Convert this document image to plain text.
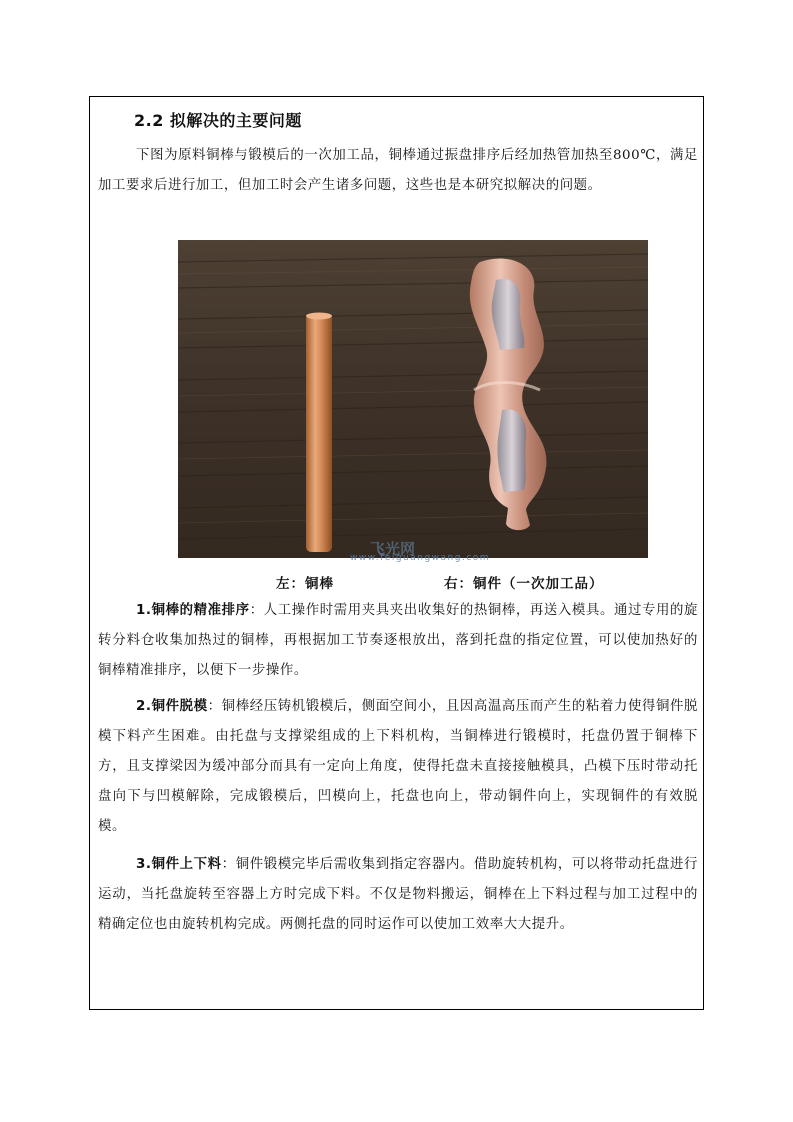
2.2 拟解决的主要问题

下图为原料铜棒与锻模后的一次加工品，铜棒通过振盘排序后经加热管加热至800℃，满足加工要求后进行加工，但加工时会产生诸多问题，这些也是本研究拟解决的问题。

飞光网
www.feiguangwang.com
左：铜棒	右：铜件（一次加工品）

1.铜棒的精准排序：人工操作时需用夹具夹出收集好的热铜棒，再送入模具。通过专用的旋转分料仓收集加热过的铜棒，再根据加工节奏逐根放出，落到托盘的指定位置，可以使加热好的铜棒精准排序，以便下一步操作。

2.铜件脱模：铜棒经压铸机锻模后，侧面空间小，且因高温高压而产生的粘着力使得铜件脱模下料产生困难。由托盘与支撑梁组成的上下料机构，当铜棒进行锻模时，托盘仍置于铜棒下方，且支撑梁因为缓冲部分而具有一定向上角度，使得托盘未直接接触模具，凸模下压时带动托盘向下与凹模解除，完成锻模后，凹模向上，托盘也向上，带动铜件向上，实现铜件的有效脱模。

3.铜件上下料：铜件锻模完毕后需收集到指定容器内。借助旋转机构，可以将带动托盘进行运动，当托盘旋转至容器上方时完成下料。不仅是物料搬运，铜棒在上下料过程与加工过程中的精确定位也由旋转机构完成。两侧托盘的同时运作可以使加工效率大大提升。
